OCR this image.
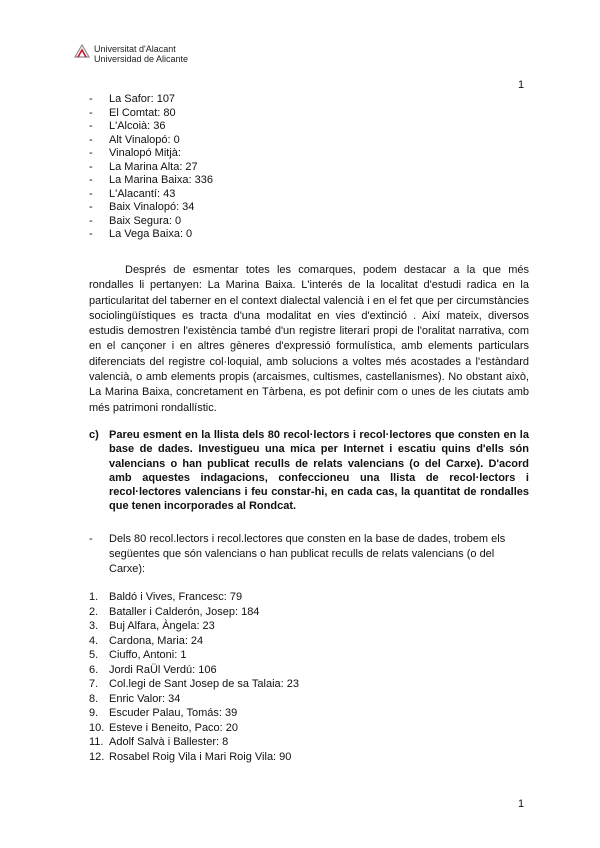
Universitat d'Alacant
Universidad de Alicante
1
- La Safor: 107
- El Comtat: 80
- L'Alcoià: 36
- Alt Vinalopó: 0
- Vinalopó Mitjà:
- La Marina Alta: 27
- La Marina Baixa: 336
- L'Alacantí: 43
- Baix Vinalopó: 34
- Baix Segura: 0
- La Vega Baixa: 0
Després de esmentar totes les comarques, podem destacar a la que més rondalles li pertanyen: La Marina Baixa. L'interés de la localitat d'estudi radica en la particularitat del taberner en el context dialectal valencià i en el fet que per circumstàncies sociolingüístiques es tracta d'una modalitat en vies d'extinció . Així mateix, diversos estudis demostren l'existència també d'un registre literari propi de l'oralitat narrativa, com en el cançoner i en altres gèneres d'expressió formulística, amb elements particulars diferenciats del registre col·loquial, amb solucions a voltes més acostades a l'estàndard valencià, o amb elements propis (arcaismes, cultismes, castellanismes). No obstant això, La Marina Baixa, concretament en Tàrbena, es pot definir com o unes de les ciutats amb més patrimoni rondallístic.
c) Pareu esment en la llista dels 80 recol·lectors i recol·lectores que consten en la base de dades. Investigueu una mica per Internet i escatiu quins d'ells són valencians o han publicat reculls de relats valencians (o del Carxe). D'acord amb aquestes indagacions, confeccioneu una llista de recol·lectors i recol·lectores valencians i feu constar-hi, en cada cas, la quantitat de rondalles que tenen incorporades al Rondcat.
-	Dels 80 recol.lectors i recol.lectores que consten en la base de dades, trobem els següentes que són valencians o han publicat reculls de relats valencians (o del Carxe):
1. Baldó i Vives, Francesc: 79
2. Bataller i Calderón, Josep: 184
3. Buj Alfara, Àngela: 23
4. Cardona, Maria: 24
5. Ciuffo, Antoni: 1
6. Jordi RaÜl Verdú: 106
7. Col.legi de Sant Josep de sa Talaia: 23
8. Enric Valor: 34
9. Escuder Palau, Tomás: 39
10. Esteve i Beneito, Paco: 20
11. Adolf Salvà i Ballester: 8
12. Rosabel Roig Vila i Mari Roig Vila: 90
1
